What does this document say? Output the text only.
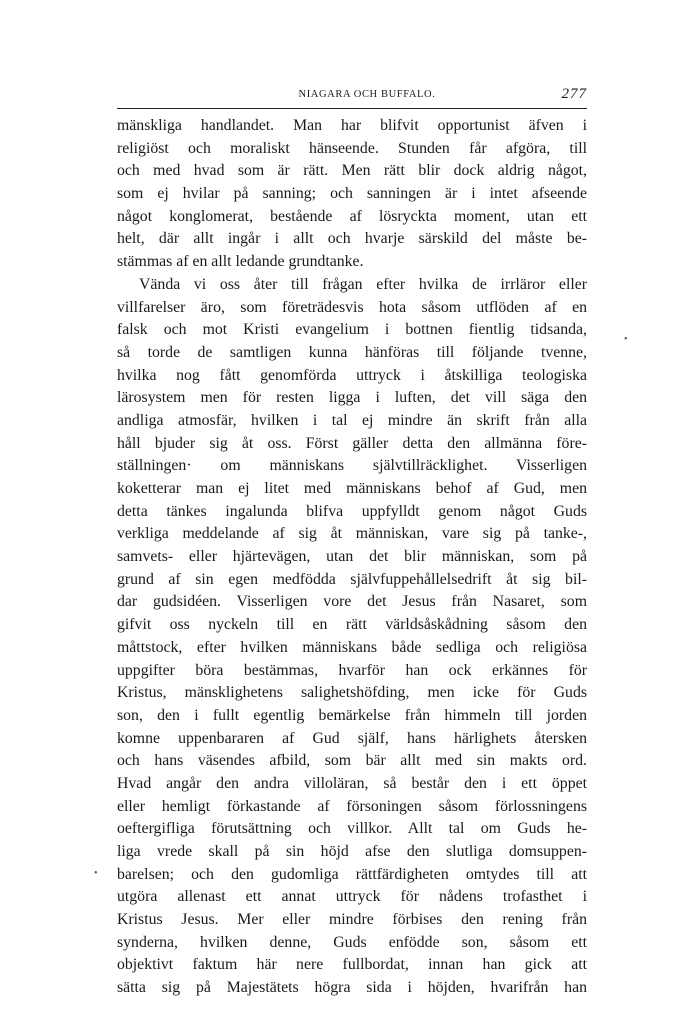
NIAGARA OCH BUFFALO.	277
mänskliga handlandet. Man har blifvit opportunist äfven i
religiöst och moraliskt hänseende. Stunden får afgöra, till
och med hvad som är rätt. Men rätt blir dock aldrig något,
som ej hvilar på sanning; och sanningen är i intet afseende
något konglomerat, bestående af lösryckta moment, utan ett
helt, där allt ingår i allt och hvarje särskild del måste be-
stämmas af en allt ledande grundtanke.
Vända vi oss åter till frågan efter hvilka de irrläror eller
villfarelser äro, som företrädesvis hota såsom utflöden af en
falsk och mot Kristi evangelium i bottnen fientlig tidsanda,
så torde de samtligen kunna hänföras till följande tvenne,
hvilka nog fått genomförda uttryck i åtskilliga teologiska
lärosystem men för resten ligga i luften, det vill säga den
andliga atmosfär, hvilken i tal ej mindre än skrift från alla
håll bjuder sig åt oss. Först gäller detta den allmänna före-
ställningen· om människans självtillräcklighet. Visserligen
koketterar man ej litet med människans behof af Gud, men
detta tänkes ingalunda blifva uppfylldt genom något Guds
verkliga meddelande af sig åt människan, vare sig på tanke-,
samvets- eller hjärtevägen, utan det blir människan, som på
grund af sin egen medfödda självfuppehållelsedrift åt sig bil-
dar gudsidéen. Visserligen vore det Jesus från Nasaret, som
gifvit oss nyckeln till en rätt världsåskådning såsom den
måttstock, efter hvilken människans både sedliga och religiösa
uppgifter böra bestämmas, hvarför han ock erkännes för
Kristus, mänsklighetens salighetshöfding, men icke för Guds
son, den i fullt egentlig bemärkelse från himmeln till jorden
komne uppenbararen af Gud själf, hans härlighets återsken
och hans väsendes afbild, som bär allt med sin makts ord.
Hvad angår den andra villoläran, så består den i ett öppet
eller hemligt förkastande af försoningen såsom förlossningens
oeftergifliga förutsättning och villkor. Allt tal om Guds he-
liga vrede skall på sin höjd afse den slutliga domsuppen-
barelsen; och den gudomliga rättfärdigheten omtydes till att
utgöra allenast ett annat uttryck för nådens trofasthet i
Kristus Jesus. Mer eller mindre förbises den rening från
synderna, hvilken denne, Guds enfödde son, såsom ett
objektivt faktum här nere fullbordat, innan han gick att
sätta sig på Majestätets högra sida i höjden, hvarifrån han
•
•
